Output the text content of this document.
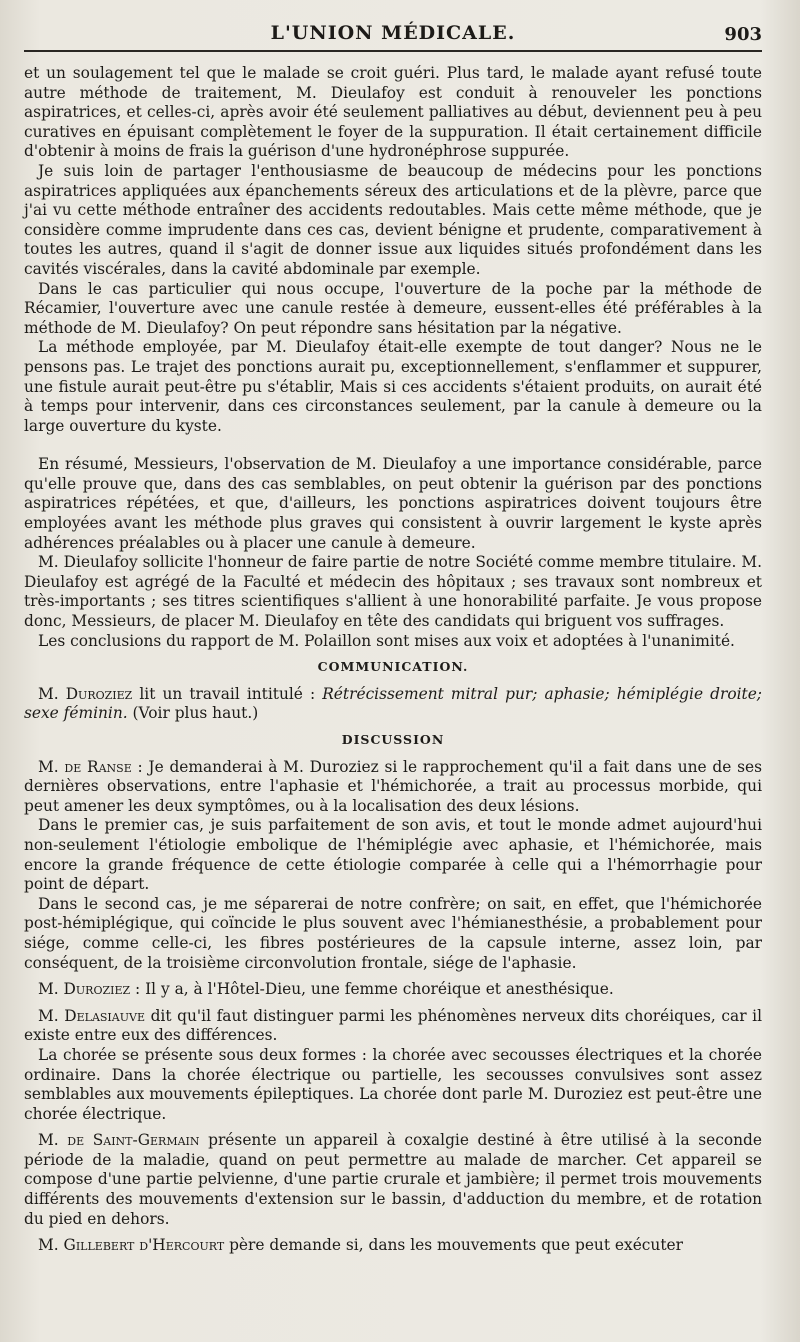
L'UNION MÉDICALE.	903

et un soulagement tel que le malade se croit guéri. Plus tard, le malade ayant refusé toute autre méthode de traitement, M. Dieulafoy est conduit à renouveler les ponctions aspiratrices, et celles-ci, après avoir été seulement palliatives au début, deviennent peu à peu curatives en épuisant complètement le foyer de la suppuration. Il était certainement difficile d'obtenir à moins de frais la guérison d'une hydronéphrose suppurée.

Je suis loin de partager l'enthousiasme de beaucoup de médecins pour les ponctions aspiratrices appliquées aux épanchements séreux des articulations et de la plèvre, parce que j'ai vu cette méthode entraîner des accidents redoutables. Mais cette même méthode, que je considère comme imprudente dans ces cas, devient bénigne et prudente, comparativement à toutes les autres, quand il s'agit de donner issue aux liquides situés profondément dans les cavités viscérales, dans la cavité abdominale par exemple.

Dans le cas particulier qui nous occupe, l'ouverture de la poche par la méthode de Récamier, l'ouverture avec une canule restée à demeure, eussent-elles été préférables à la méthode de M. Dieulafoy? On peut répondre sans hésitation par la négative.

La méthode employée, par M. Dieulafoy était-elle exempte de tout danger? Nous ne le pensons pas. Le trajet des ponctions aurait pu, exceptionnellement, s'enflammer et suppurer, une fistule aurait peut-être pu s'établir, Mais si ces accidents s'étaient produits, on aurait été à temps pour intervenir, dans ces circonstances seulement, par la canule à demeure ou la large ouverture du kyste.

En résumé, Messieurs, l'observation de M. Dieulafoy a une importance considérable, parce qu'elle prouve que, dans des cas semblables, on peut obtenir la guérison par des ponctions aspiratrices répétées, et que, d'ailleurs, les ponctions aspiratrices doivent toujours être employées avant les méthode plus graves qui consistent à ouvrir largement le kyste après adhérences préalables ou à placer une canule à demeure.

M. Dieulafoy sollicite l'honneur de faire partie de notre Société comme membre titulaire. M. Dieulafoy est agrégé de la Faculté et médecin des hôpitaux ; ses travaux sont nombreux et très-importants ; ses titres scientifiques s'allient à une honorabilité parfaite. Je vous propose donc, Messieurs, de placer M. Dieulafoy en tête des candidats qui briguent vos suffrages.

Les conclusions du rapport de M. Polaillon sont mises aux voix et adoptées à l'unanimité.

COMMUNICATION.

M. Duroziez lit un travail intitulé : Rétrécissement mitral pur; aphasie; hémiplégie droite; sexe féminin. (Voir plus haut.)

DISCUSSION

M. de Ranse : Je demanderai à M. Duroziez si le rapprochement qu'il a fait dans une de ses dernières observations, entre l'aphasie et l'hémichorée, a trait au processus morbide, qui peut amener les deux symptômes, ou à la localisation des deux lésions.

Dans le premier cas, je suis parfaitement de son avis, et tout le monde admet aujourd'hui non-seulement l'étiologie embolique de l'hémiplégie avec aphasie, et l'hémichorée, mais encore la grande fréquence de cette étiologie comparée à celle qui a l'hémorrhagie pour point de départ.

Dans le second cas, je me séparerai de notre confrère; on sait, en effet, que l'hémichorée post-hémiplégique, qui coïncide le plus souvent avec l'hémianesthésie, a probablement pour siége, comme celle-ci, les fibres postérieures de la capsule interne, assez loin, par conséquent, de la troisième circonvolution frontale, siége de l'aphasie.

M. Duroziez : Il y a, à l'Hôtel-Dieu, une femme choréique et anesthésique.

M. Delasiauve dit qu'il faut distinguer parmi les phénomènes nerveux dits choréiques, car il existe entre eux des différences.

La chorée se présente sous deux formes : la chorée avec secousses électriques et la chorée ordinaire. Dans la chorée électrique ou partielle, les secousses convulsives sont assez semblables aux mouvements épileptiques. La chorée dont parle M. Duroziez est peut-être une chorée électrique.

M. de Saint-Germain présente un appareil à coxalgie destiné à être utilisé à la seconde période de la maladie, quand on peut permettre au malade de marcher. Cet appareil se compose d'une partie pelvienne, d'une partie crurale et jambière; il permet trois mouvements différents des mouvements d'extension sur le bassin, d'adduction du membre, et de rotation du pied en dehors.

M. Gillebert d'Hercourt père demande si, dans les mouvements que peut exécuter
